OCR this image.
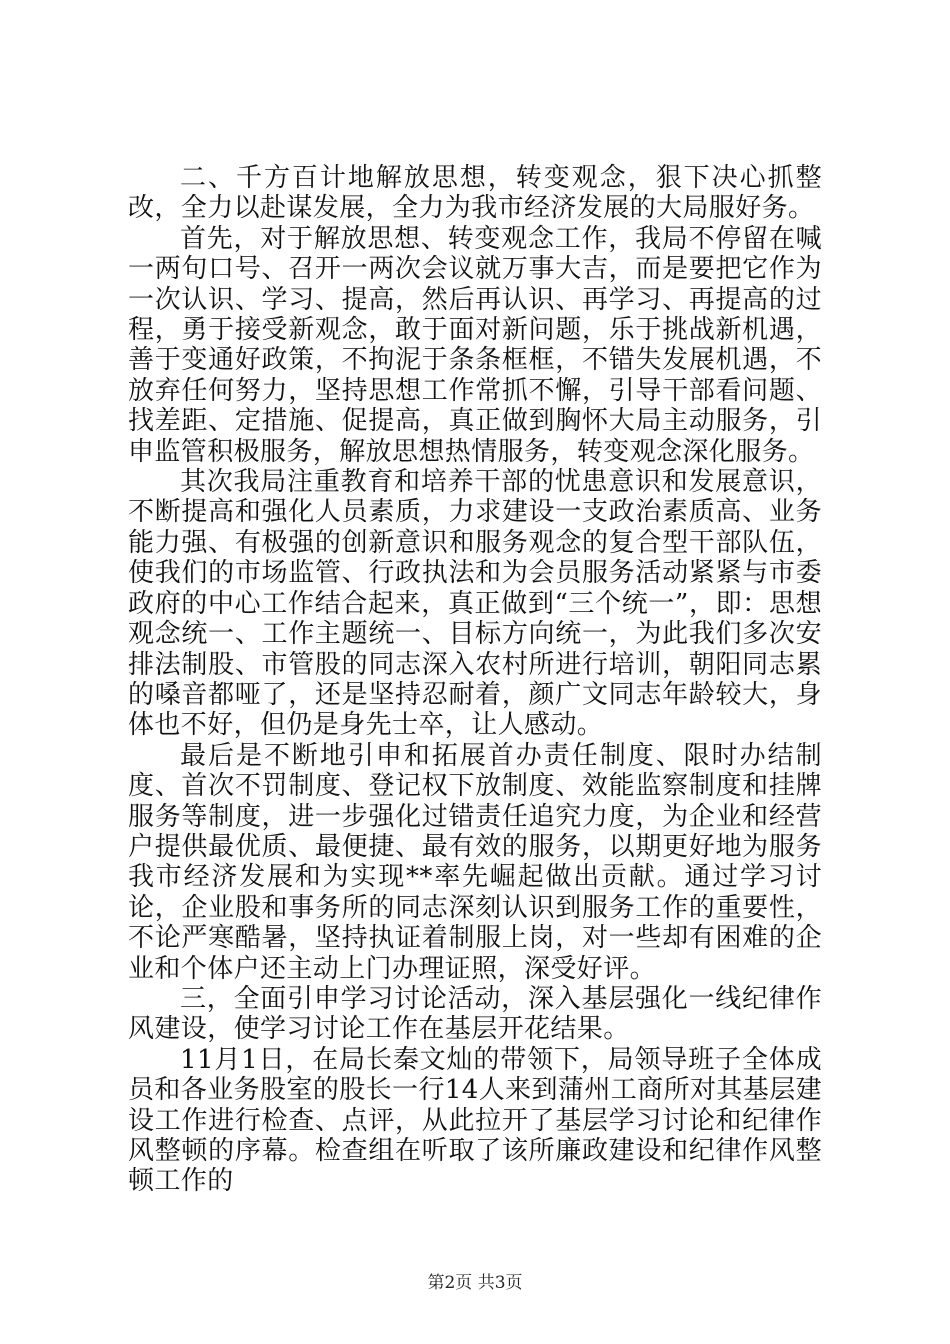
二、千方百计地解放思想，转变观念，狠下决心抓整改，全力以赴谋发展，全力为我市经济发展的大局服好务。

首先，对于解放思想、转变观念工作，我局不停留在喊一两句口号、召开一两次会议就万事大吉，而是要把它作为一次认识、学习、提高，然后再认识、再学习、再提高的过程，勇于接受新观念，敢于面对新问题，乐于挑战新机遇，善于变通好政策，不拘泥于条条框框，不错失发展机遇，不放弃任何努力，坚持思想工作常抓不懈，引导干部看问题、找差距、定措施、促提高，真正做到胸怀大局主动服务，引申监管积极服务，解放思想热情服务，转变观念深化服务。

其次我局注重教育和培养干部的忧患意识和发展意识，不断提高和强化人员素质，力求建设一支政治素质高、业务能力强、有极强的创新意识和服务观念的复合型干部队伍，使我们的市场监管、行政执法和为会员服务活动紧紧与市委政府的中心工作结合起来，真正做到“三个统一”，即：思想观念统一、工作主题统一、目标方向统一，为此我们多次安排法制股、市管股的同志深入农村所进行培训，朝阳同志累的嗓音都哑了，还是坚持忍耐着，颜广文同志年龄较大，身体也不好，但仍是身先士卒，让人感动。

最后是不断地引申和拓展首办责任制度、限时办结制度、首次不罚制度、登记权下放制度、效能监察制度和挂牌服务等制度，进一步强化过错责任追究力度，为企业和经营户提供最优质、最便捷、最有效的服务，以期更好地为服务我市经济发展和为实现**率先崛起做出贡献。通过学习讨论，企业股和事务所的同志深刻认识到服务工作的重要性，不论严寒酷暑，坚持执证着制服上岗，对一些却有困难的企业和个体户还主动上门办理证照，深受好评。

三，全面引申学习讨论活动，深入基层强化一线纪律作风建设，使学习讨论工作在基层开花结果。

11月1日，在局长秦文灿的带领下，局领导班子全体成员和各业务股室的股长一行14人来到蒲州工商所对其基层建设工作进行检查、点评，从此拉开了基层学习讨论和纪律作风整顿的序幕。检查组在听取了该所廉政建设和纪律作风整顿工作的

第2页 共3页
